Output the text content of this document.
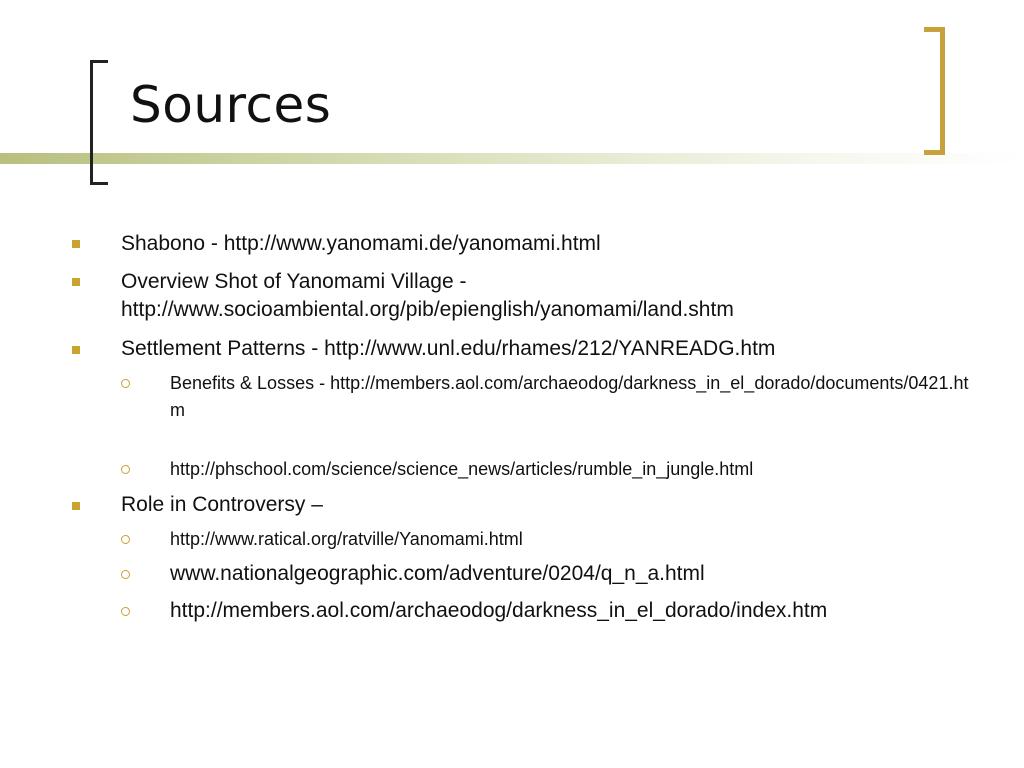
Sources
Shabono - http://www.yanomami.de/yanomami.html
Overview Shot of Yanomami Village - http://www.socioambiental.org/pib/epienglish/yanomami/land.shtm
Settlement Patterns - http://www.unl.edu/rhames/212/YANREADG.htm
Benefits & Losses - http://members.aol.com/archaeodog/darkness_in_el_dorado/documents/0421.htm
http://phschool.com/science/science_news/articles/rumble_in_jungle.html
Role in Controversy –
http://www.ratical.org/ratville/Yanomami.html
www.nationalgeographic.com/adventure/0204/q_n_a.html
http://members.aol.com/archaeodog/darkness_in_el_dorado/index.htm
